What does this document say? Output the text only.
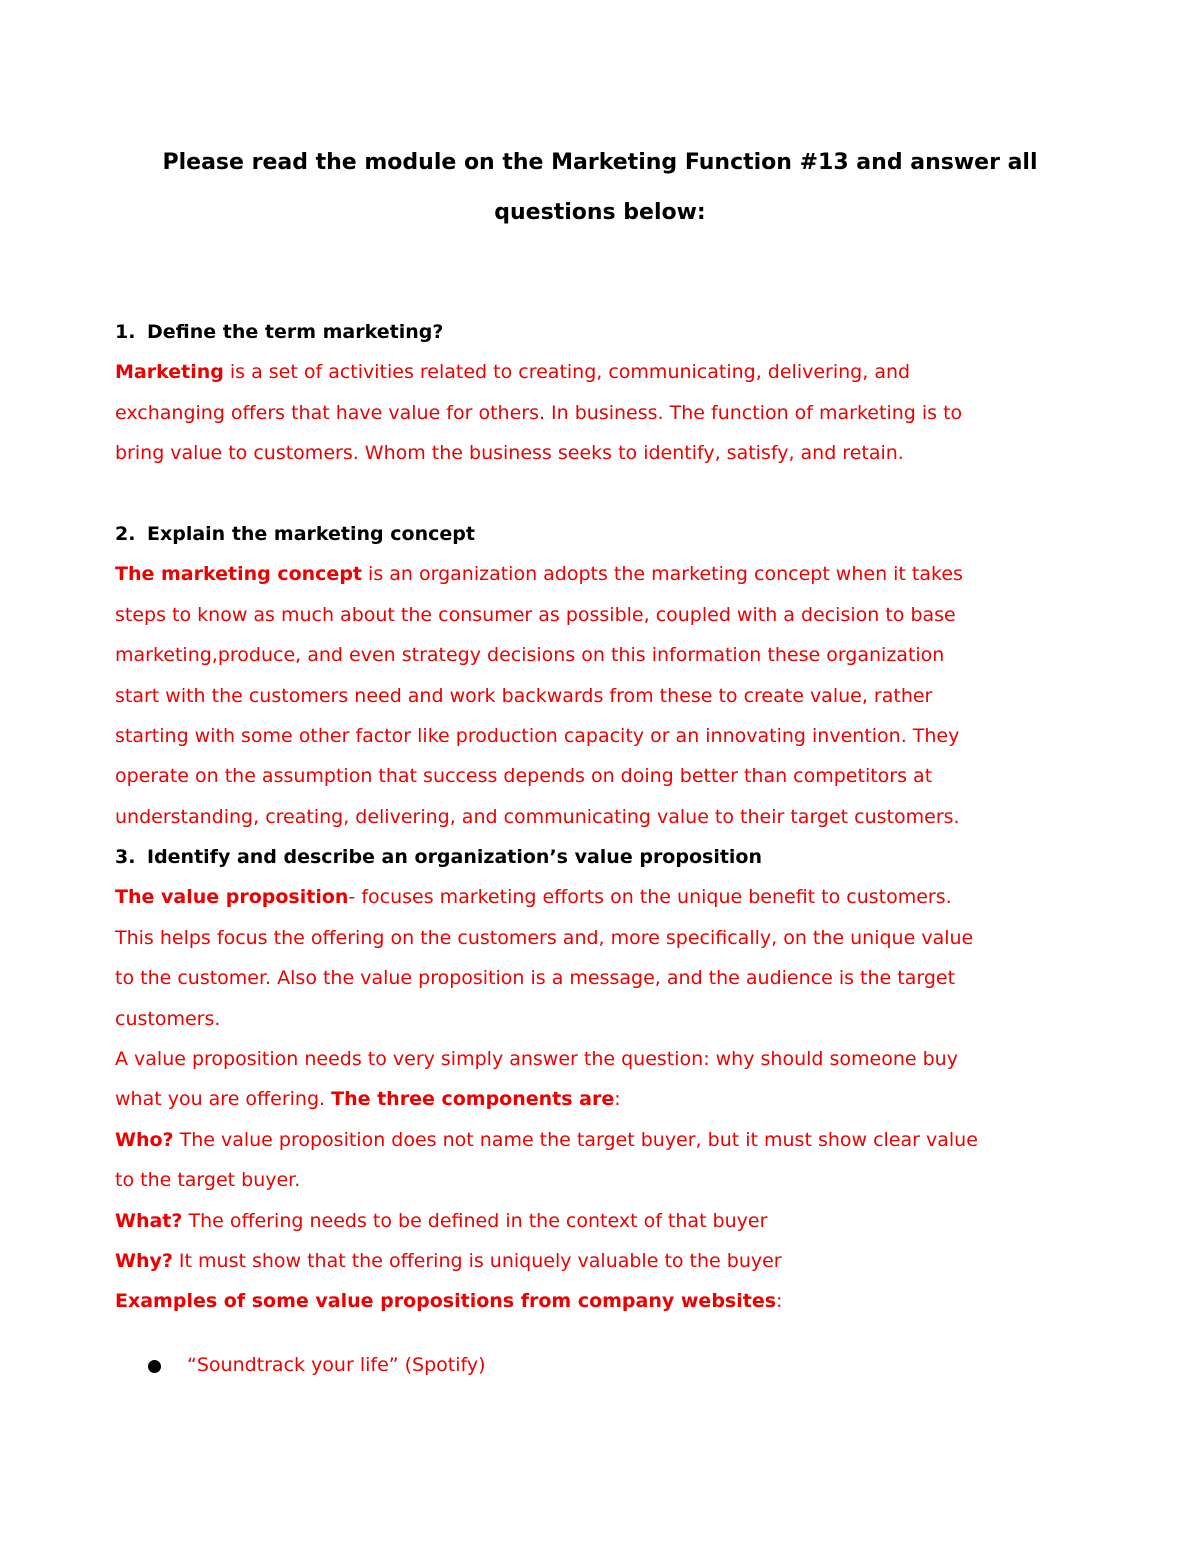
Please read the module on the Marketing Function #13 and answer all
questions below:
1. Define the term marketing?
Marketing is a set of activities related to creating, communicating, delivering, and
exchanging offers that have value for others. In business. The function of marketing is to
bring value to customers. Whom the business seeks to identify, satisfy, and retain.
2. Explain the marketing concept
The marketing concept is an organization adopts the marketing concept when it takes
steps to know as much about the consumer as possible, coupled with a decision to base
marketing,produce, and even strategy decisions on this information these organization
start with the customers need and work backwards from these to create value, rather
starting with some other factor like production capacity or an innovating invention. They
operate on the assumption that success depends on doing better than competitors at
understanding, creating, delivering, and communicating value to their target customers.
3. Identify and describe an organization’s value proposition
The value proposition- focuses marketing efforts on the unique benefit to customers.
This helps focus the offering on the customers and, more specifically, on the unique value
to the customer. Also the value proposition is a message, and the audience is the target
customers.
A value proposition needs to very simply answer the question: why should someone buy
what you are offering. The three components are:
Who? The value proposition does not name the target buyer, but it must show clear value
to the target buyer.
What? The offering needs to be defined in the context of that buyer
Why? It must show that the offering is uniquely valuable to the buyer
Examples of some value propositions from company websites:
“Soundtrack your life” (Spotify)
